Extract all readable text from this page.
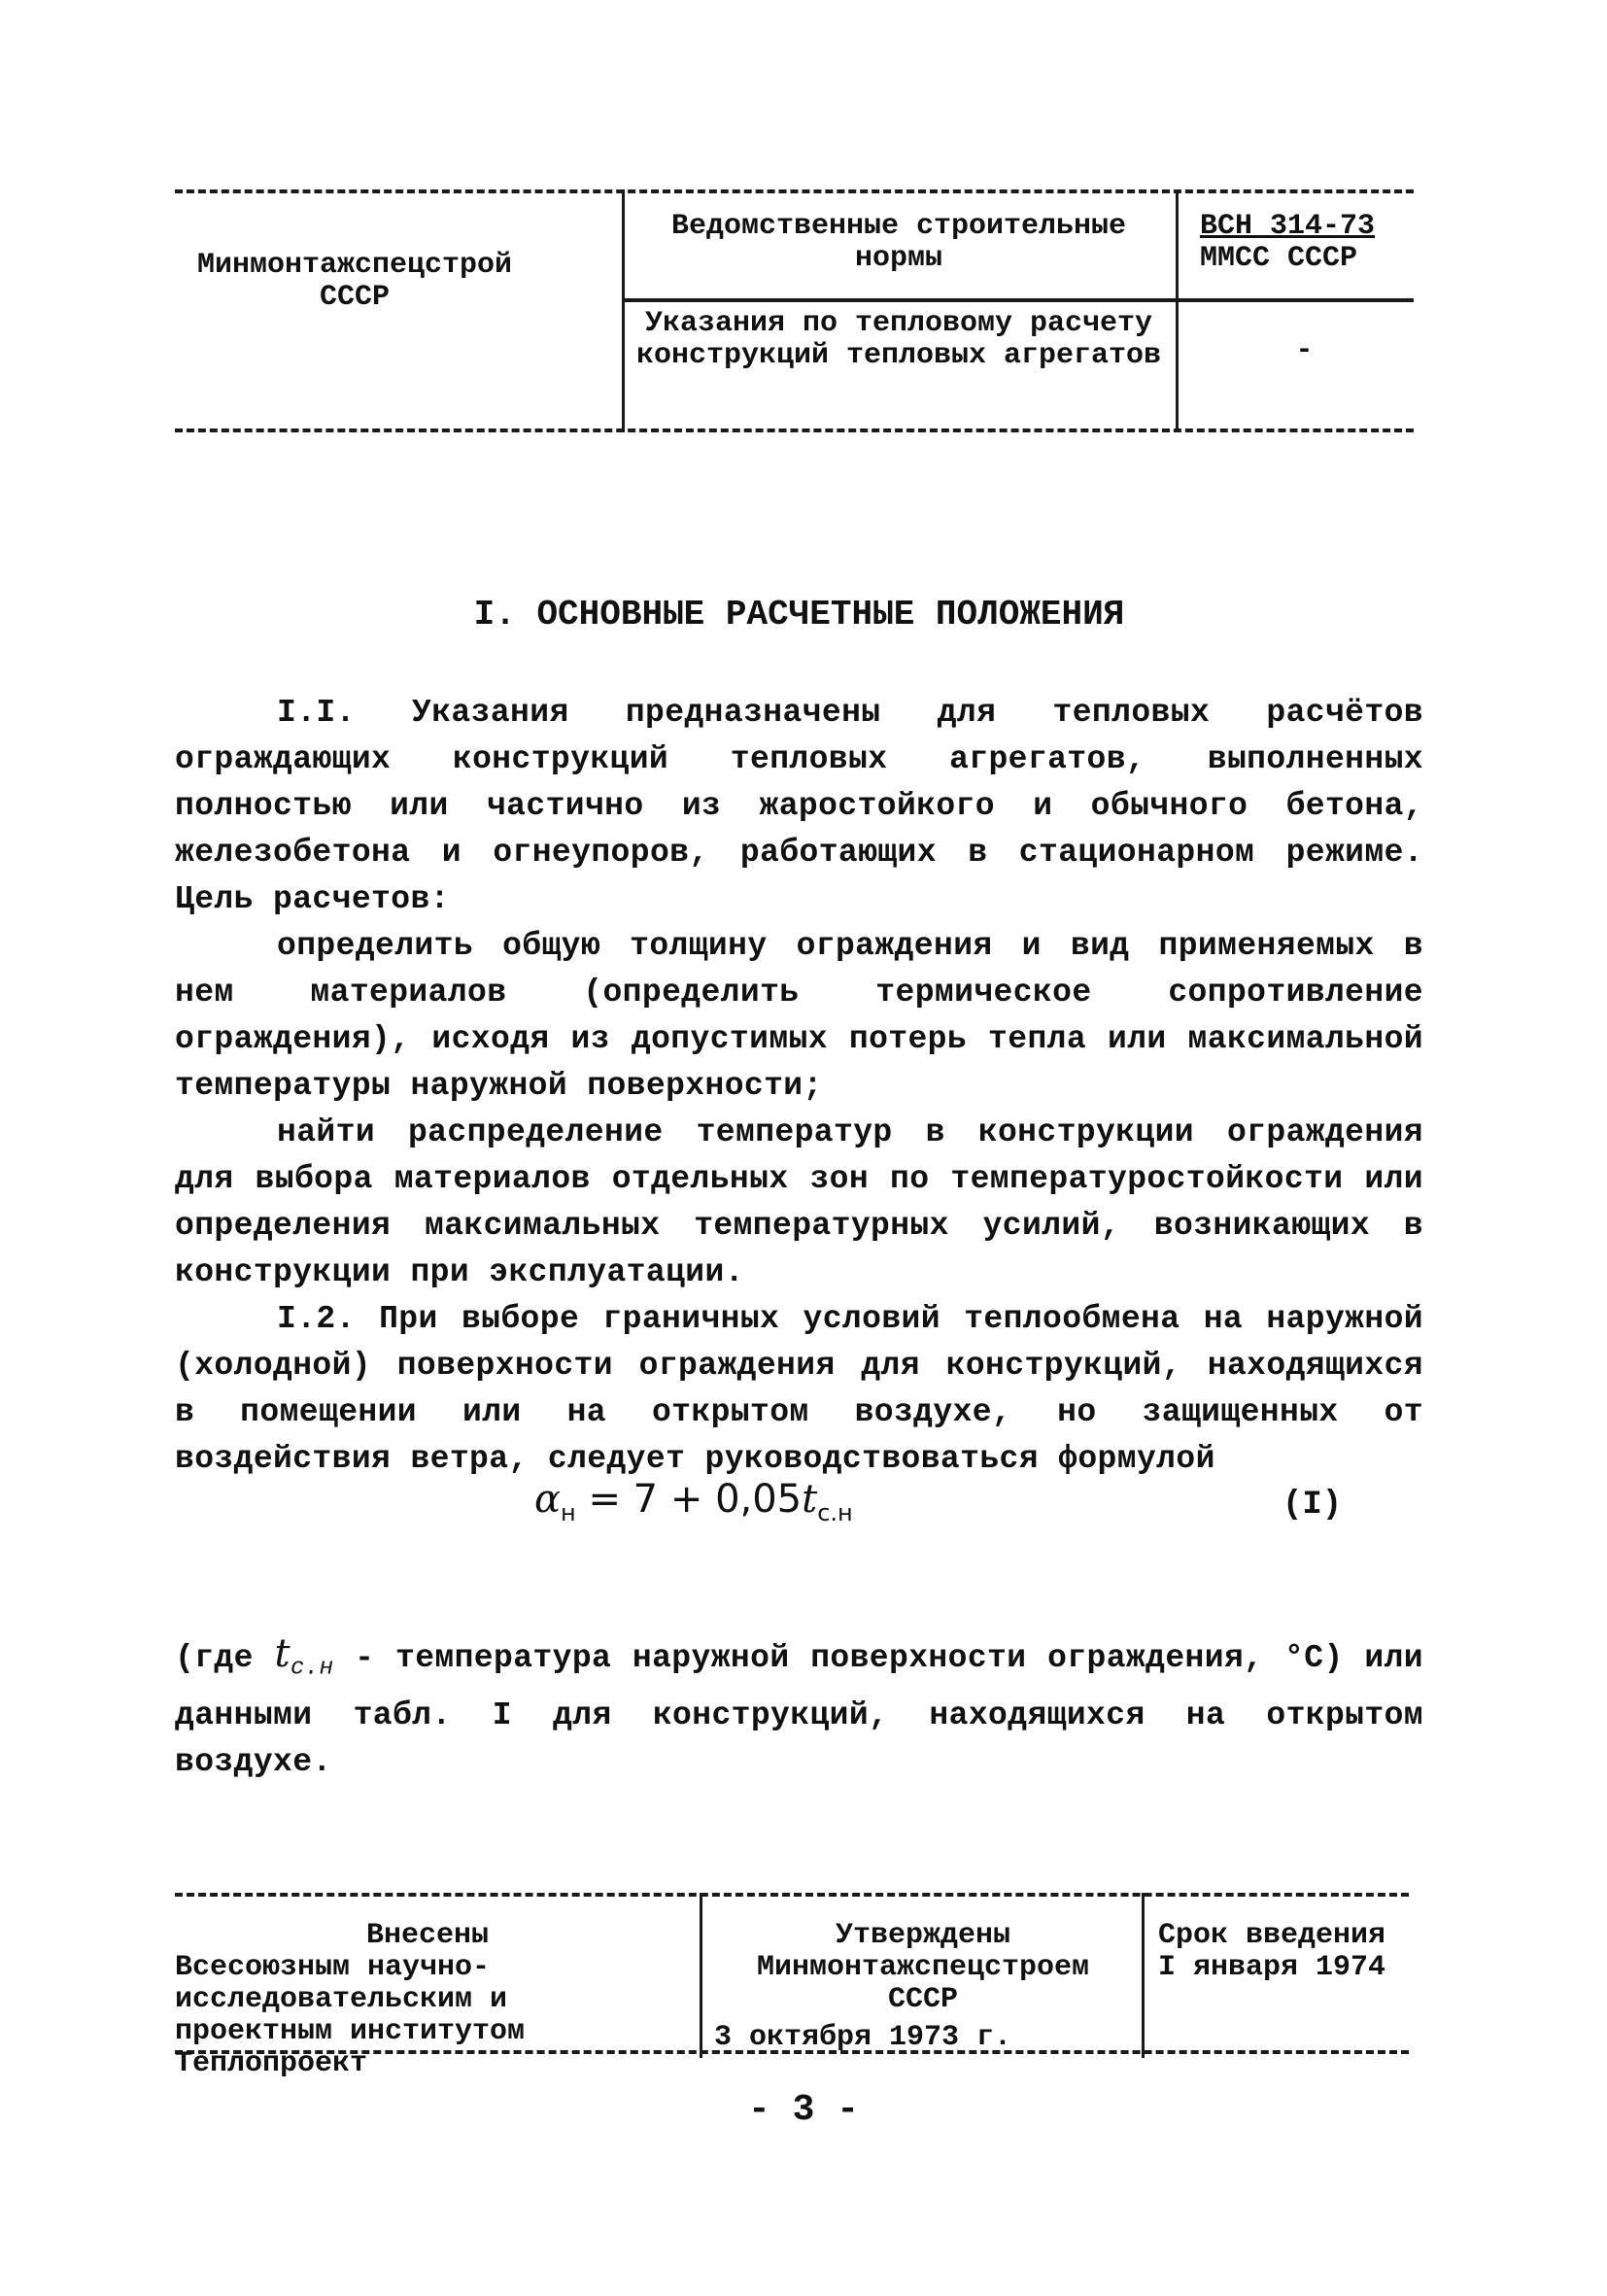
Минмонтажспецстрой СССР
Ведомственные строительные нормы
ВСН 314-73
ММСС СССР
Указания по тепловому расчету конструкций тепловых агрегатов	-
I. ОСНОВНЫЕ РАСЧЕТНЫЕ ПОЛОЖЕНИЯ

I.I. Указания предназначены для тепловых расчётов ограждающих конструкций тепловых агрегатов, выполненных полностью или частично из жаростойкого и обычного бетона, железобетона и огнеупоров, работающих в стационарном режиме. Цель расчетов:

определить общую толщину ограждения и вид применяемых в нем материалов (определить термическое сопротивление ограждения), исходя из допустимых потерь тепла или максимальной температуры наружной поверхности;

найти распределение температур в конструкции ограждения для выбора материалов отдельных зон по температуростойкости или определения максимальных температурных усилий, возникающих в конструкции при эксплуатации.

I.2. При выборе граничных условий теплообмена на наружной (холодной) поверхности ограждения для конструкций, находящихся в помещении или на открытом воздухе, но защищенных от воздействия ветра, следует руководствоваться формулой

$\alpha_н = 7 + 0,05t_{с.н}$	(I)

(где $t_{с.н}$ - температура наружной поверхности ограждения, °С) или данными табл. I для конструкций, находящихся на открытом воздухе.

Внесены
Всесоюзным научно-исследовательским и проектным институтом Теплопроект
Утверждены
Минмонтажспецстроем СССР
3 октября 1973 г.
Срок введения
I января 1974
- 3 -
